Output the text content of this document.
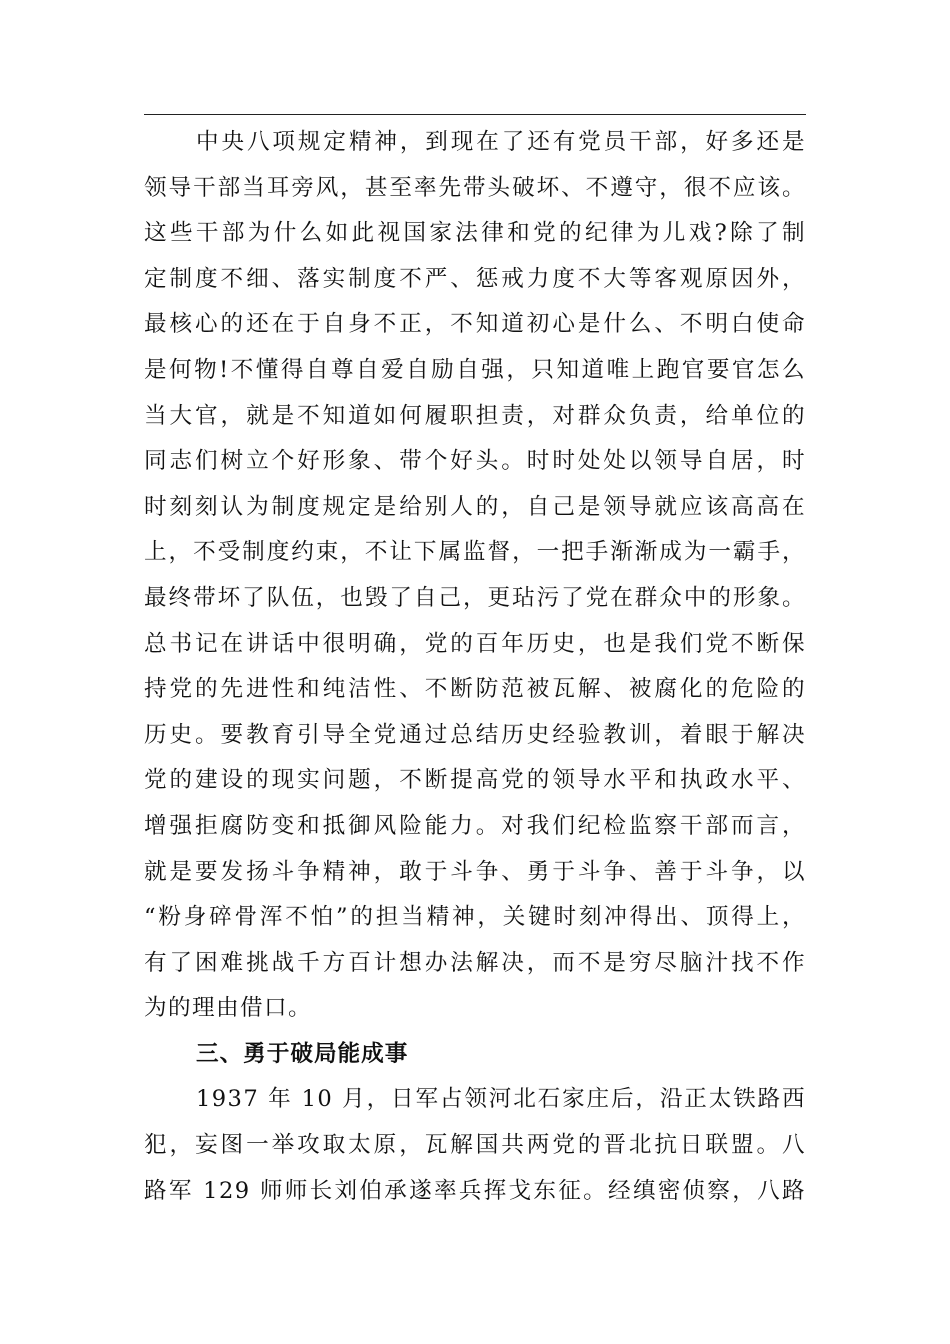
中央八项规定精神，到现在了还有党员干部，好多还是
领导干部当耳旁风，甚至率先带头破坏、不遵守，很不应该。
这些干部为什么如此视国家法律和党的纪律为儿戏?除了制
定制度不细、落实制度不严、惩戒力度不大等客观原因外，
最核心的还在于自身不正，不知道初心是什么、不明白使命
是何物!不懂得自尊自爱自励自强，只知道唯上跑官要官怎么
当大官，就是不知道如何履职担责，对群众负责，给单位的
同志们树立个好形象、带个好头。时时处处以领导自居，时
时刻刻认为制度规定是给别人的，自己是领导就应该高高在
上，不受制度约束，不让下属监督，一把手渐渐成为一霸手，
最终带坏了队伍，也毁了自己，更玷污了党在群众中的形象。
总书记在讲话中很明确，党的百年历史，也是我们党不断保
持党的先进性和纯洁性、不断防范被瓦解、被腐化的危险的
历史。要教育引导全党通过总结历史经验教训，着眼于解决
党的建设的现实问题，不断提高党的领导水平和执政水平、
增强拒腐防变和抵御风险能力。对我们纪检监察干部而言，
就是要发扬斗争精神，敢于斗争、勇于斗争、善于斗争，以
“粉身碎骨浑不怕”的担当精神，关键时刻冲得出、顶得上，
有了困难挑战千方百计想办法解决，而不是穷尽脑汁找不作
为的理由借口。
三、勇于破局能成事
1937 年 10 月，日军占领河北石家庄后，沿正太铁路西
犯，妄图一举攻取太原，瓦解国共两党的晋北抗日联盟。八
路军 129 师师长刘伯承遂率兵挥戈东征。经缜密侦察，八路
